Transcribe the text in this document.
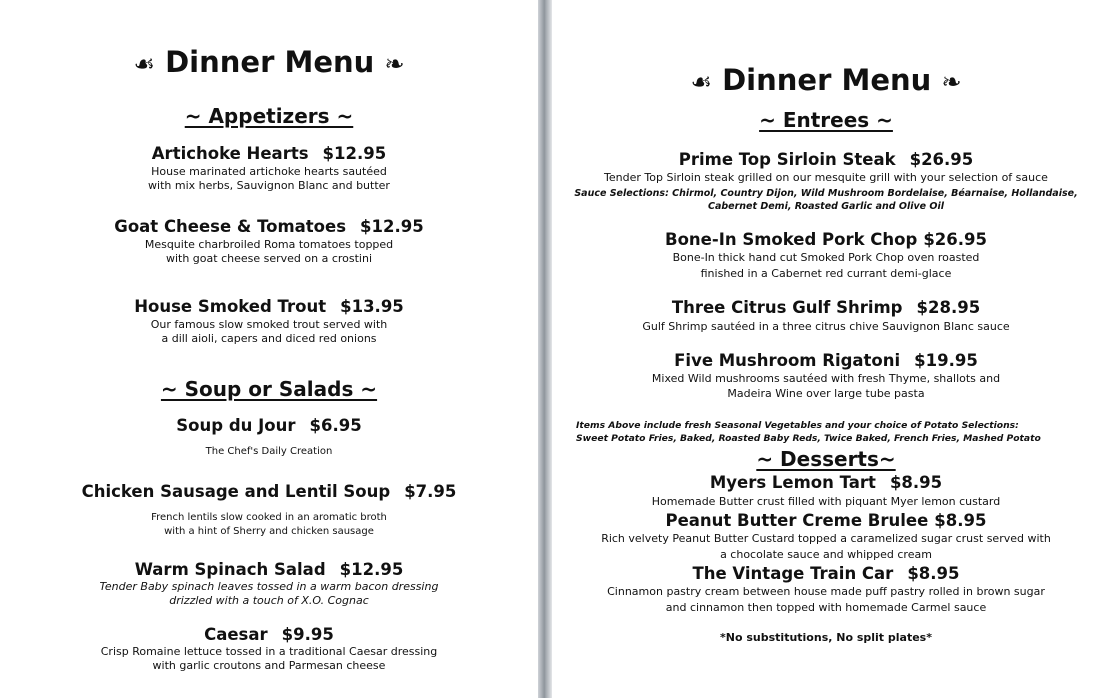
☙ Dinner Menu ❧
~ Appetizers ~
Artichoke Hearts $12.95
House marinated artichoke hearts sautéed
with mix herbs, Sauvignon Blanc and butter
Goat Cheese & Tomatoes $12.95
Mesquite charbroiled Roma tomatoes topped
with goat cheese served on a crostini
House Smoked Trout $13.95
Our famous slow smoked trout served with
a dill aioli, capers and diced red onions
~ Soup or Salads ~
Soup du Jour $6.95
The Chef's Daily Creation
Chicken Sausage and Lentil Soup $7.95
French lentils slow cooked in an aromatic broth
with a hint of Sherry and chicken sausage
Warm Spinach Salad $12.95
Tender Baby spinach leaves tossed in a warm bacon dressing
drizzled with a touch of X.O. Cognac
Caesar $9.95
Crisp Romaine lettuce tossed in a traditional Caesar dressing
with garlic croutons and Parmesan cheese
☙ Dinner Menu ❧
~ Entrees ~
Prime Top Sirloin Steak $26.95
Tender Top Sirloin steak grilled on our mesquite grill with your selection of sauce
Sauce Selections: Chirmol, Country Dijon, Wild Mushroom Bordelaise, Béarnaise, Hollandaise,
Cabernet Demi, Roasted Garlic and Olive Oil
Bone-In Smoked Pork Chop $26.95
Bone-In thick hand cut Smoked Pork Chop oven roasted
finished in a Cabernet red currant demi-glace
Three Citrus Gulf Shrimp $28.95
Gulf Shrimp sautéed in a three citrus chive Sauvignon Blanc sauce
Five Mushroom Rigatoni $19.95
Mixed Wild mushrooms sautéed with fresh Thyme, shallots and
Madeira Wine over large tube pasta
Items Above include fresh Seasonal Vegetables and your choice of Potato Selections:
Sweet Potato Fries, Baked, Roasted Baby Reds, Twice Baked, French Fries, Mashed Potato
~ Desserts~
Myers Lemon Tart $8.95
Homemade Butter crust filled with piquant Myer lemon custard
Peanut Butter Creme Brulee $8.95
Rich velvety Peanut Butter Custard topped a caramelized sugar crust served with
a chocolate sauce and whipped cream
The Vintage Train Car $8.95
Cinnamon pastry cream between house made puff pastry rolled in brown sugar
and cinnamon then topped with homemade Carmel sauce
*No substitutions, No split plates*
